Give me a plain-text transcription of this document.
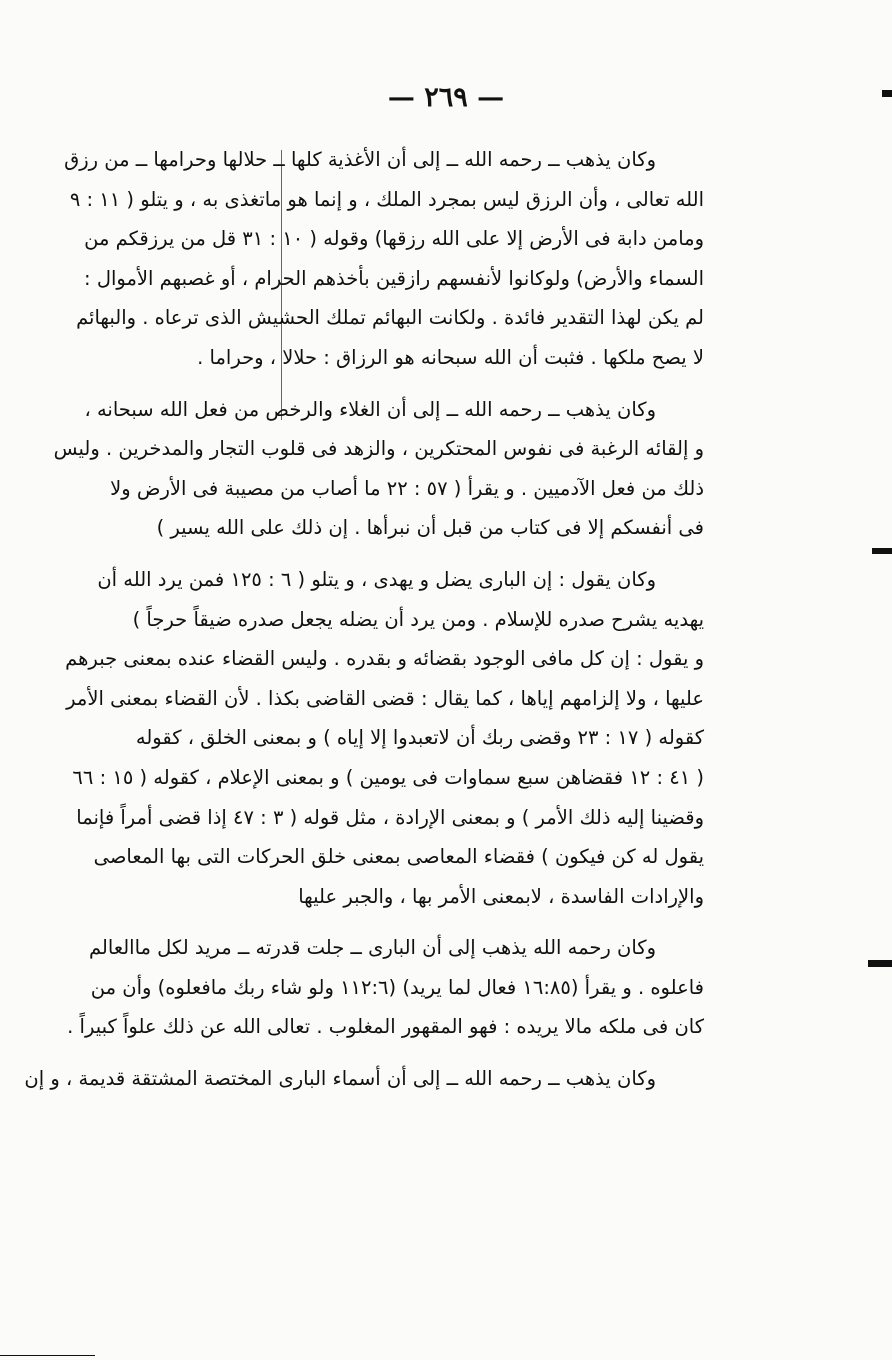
— ٢٦٩ —
وكان يذهب ــ رحمه الله ــ إلى أن الأغذية كلها ــ حلالها وحرامها ــ من رزق
الله تعالى ، وأن الرزق ليس بمجرد الملك ، و إنما هو ماتغذى به ، و يتلو ( ١١ : ٩
ومامن دابة فى الأرض إلا على الله رزقها) وقوله ( ١٠ : ٣١ قل من يرزقكم من
السماء والأرض) ولوكانوا لأنفسهم رازقين بأخذهم الحرام ، أو غصبهم الأموال :
لم يكن لهذا التقدير فائدة . ولكانت البهائم تملك الحشيش الذى ترعاه . والبهائم
لا يصح ملكها . فثبت أن الله سبحانه هو الرزاق : حلالا ، وحراما .
وكان يذهب ــ رحمه الله ــ إلى أن الغلاء والرخص من فعل الله سبحانه ،
و إلقائه الرغبة فى نفوس المحتكرين ، والزهد فى قلوب التجار والمدخرين . وليس
ذلك من فعل الآدميين . و يقرأ ( ٥٧ : ٢٢ ما أصاب من مصيبة فى الأرض ولا
فى أنفسكم إلا فى كتاب من قبل أن نبرأها . إن ذلك على الله يسير )
وكان يقول : إن البارى يضل و يهدى ، و يتلو ( ٦ : ١٢٥ فمن يرد الله أن
يهديه يشرح صدره للإسلام . ومن يرد أن يضله يجعل صدره ضيقاً حرجاً )
و يقول : إن كل مافى الوجود بقضائه و بقدره . وليس القضاء عنده بمعنى جبرهم
عليها ، ولا إلزامهم إياها ، كما يقال : قضى القاضى بكذا . لأن القضاء بمعنى الأمر
كقوله ( ١٧ : ٢٣ وقضى ربك أن لاتعبدوا إلا إياه ) و بمعنى الخلق ، كقوله
( ٤١ : ١٢ فقضاهن سبع سماوات فى يومين ) و بمعنى الإعلام ، كقوله ( ١٥ : ٦٦
وقضينا إليه ذلك الأمر ) و بمعنى الإرادة ، مثل قوله ( ٣ : ٤٧ إذا قضى أمراً فإنما
يقول له كن فيكون ) فقضاء المعاصى بمعنى خلق الحركات التى بها المعاصى
والإرادات الفاسدة ، لابمعنى الأمر بها ، والجبر عليها
وكان رحمه الله يذهب إلى أن البارى ــ جلت قدرته ــ مريد لكل ماالعالم
فاعلوه . و يقرأ (١٦:٨٥ فعال لما يريد) (١١٢:٦ ولو شاء ربك مافعلوه) وأن من
كان فى ملكه مالا يريده : فهو المقهور المغلوب . تعالى الله عن ذلك علواً كبيراً .
وكان يذهب ــ رحمه الله ــ إلى أن أسماء البارى المختصة المشتقة قديمة ، و إن
